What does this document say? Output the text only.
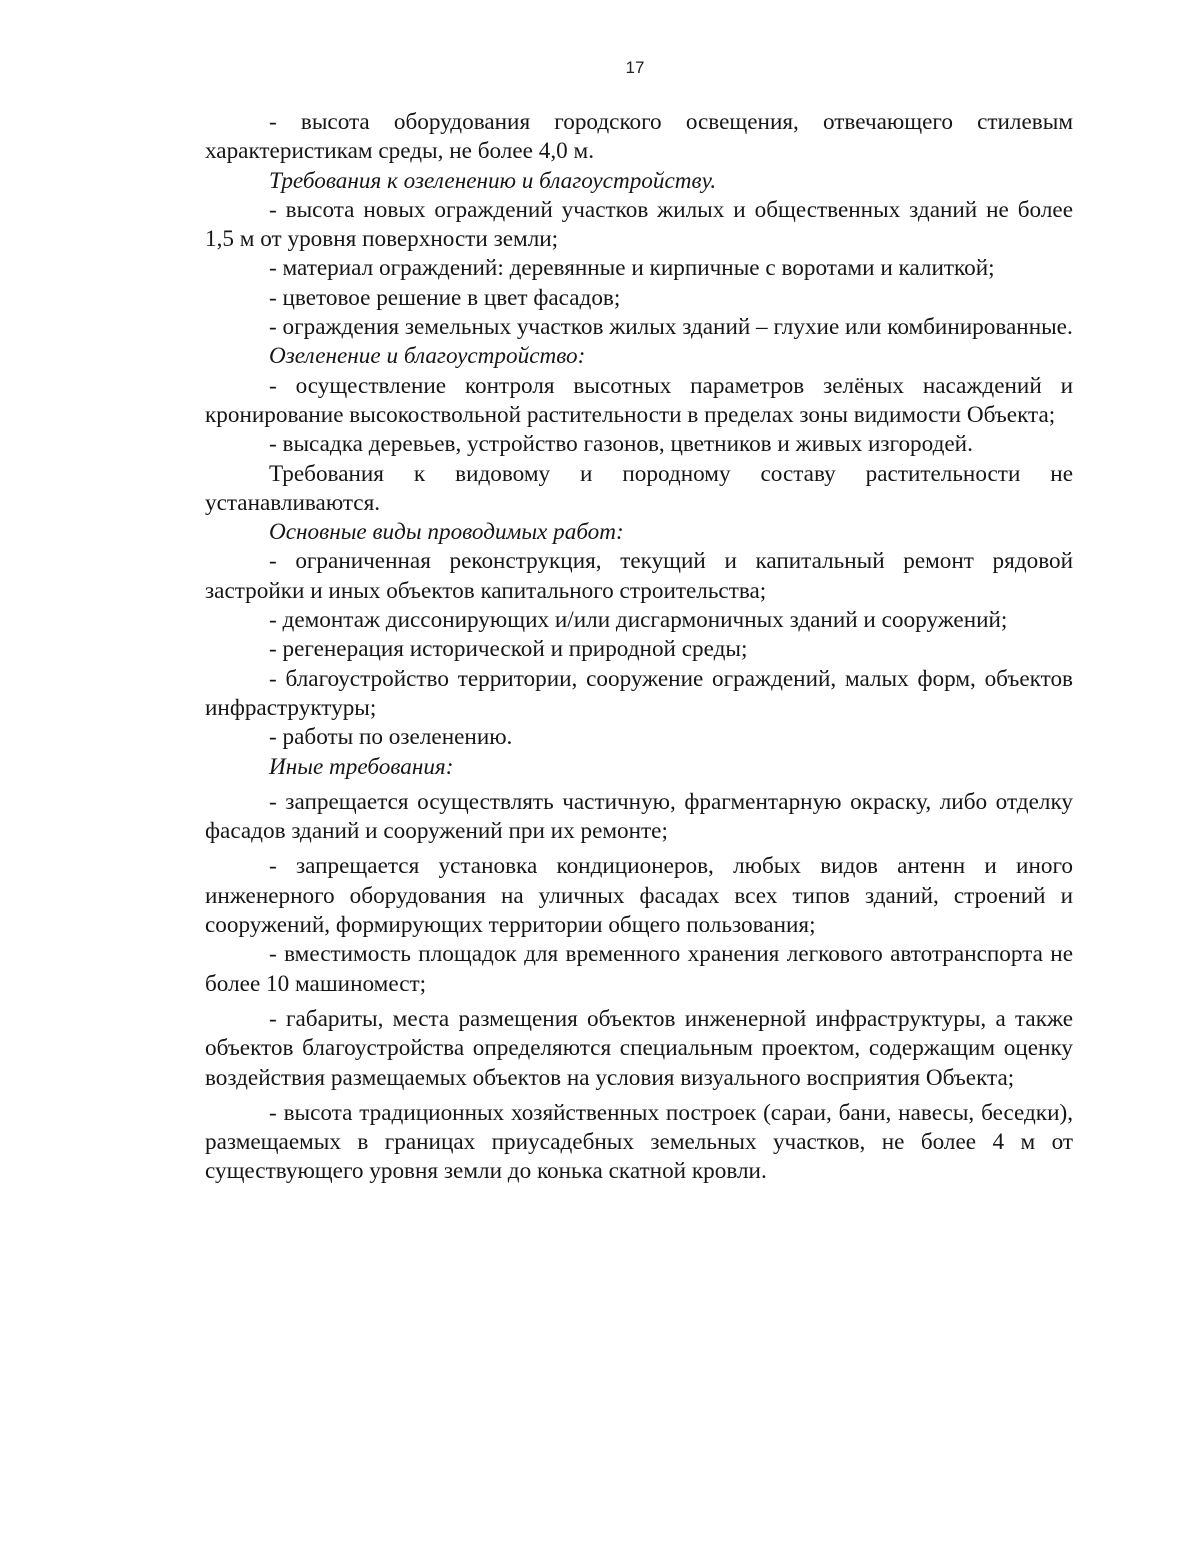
17

- высота оборудования городского освещения, отвечающего стилевым характеристикам среды, не более 4,0 м.

Требования к озеленению и благоустройству.

- высота новых ограждений участков жилых и общественных зданий не более 1,5 м от уровня поверхности земли;

- материал ограждений: деревянные и кирпичные с воротами и калиткой;

- цветовое решение в цвет фасадов;

- ограждения земельных участков жилых зданий – глухие или комбинированные.

Озеленение и благоустройство:

- осуществление контроля высотных параметров зелёных насаждений и кронирование высокоствольной растительности в пределах зоны видимости Объекта;

- высадка деревьев, устройство газонов, цветников и живых изгородей.

Требования к видовому и породному составу растительности не устанавливаются.

Основные виды проводимых работ:

- ограниченная реконструкция, текущий и капитальный ремонт рядовой застройки и иных объектов капитального строительства;

- демонтаж диссонирующих и/или дисгармоничных зданий и сооружений;

- регенерация исторической и природной среды;

- благоустройство территории, сооружение ограждений, малых форм, объектов инфраструктуры;

- работы по озеленению.

Иные требования:

- запрещается осуществлять частичную, фрагментарную окраску, либо отделку фасадов зданий и сооружений при их ремонте;

- запрещается установка кондиционеров, любых видов антенн и иного инженерного оборудования на уличных фасадах всех типов зданий, строений и сооружений, формирующих территории общего пользования;

- вместимость площадок для временного хранения легкового автотранспорта не более 10 машиномест;

- габариты, места размещения объектов инженерной инфраструктуры, а также объектов благоустройства определяются специальным проектом, содержащим оценку воздействия размещаемых объектов на условия визуального восприятия Объекта;

- высота традиционных хозяйственных построек (сараи, бани, навесы, беседки), размещаемых в границах приусадебных земельных участков, не более 4 м от существующего уровня земли до конька скатной кровли.
